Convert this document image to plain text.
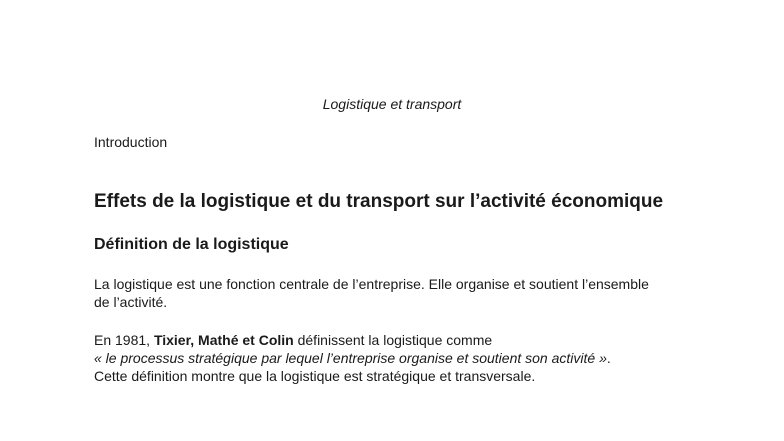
Logistique et transport
Introduction
Effets de la logistique et du transport sur l’activité économique
Définition de la logistique
La logistique est une fonction centrale de l’entreprise. Elle organise et soutient l’ensemble
de l’activité.
En 1981, Tixier, Mathé et Colin définissent la logistique comme
« le processus stratégique par lequel l’entreprise organise et soutient son activité ».
Cette définition montre que la logistique est stratégique et transversale.
